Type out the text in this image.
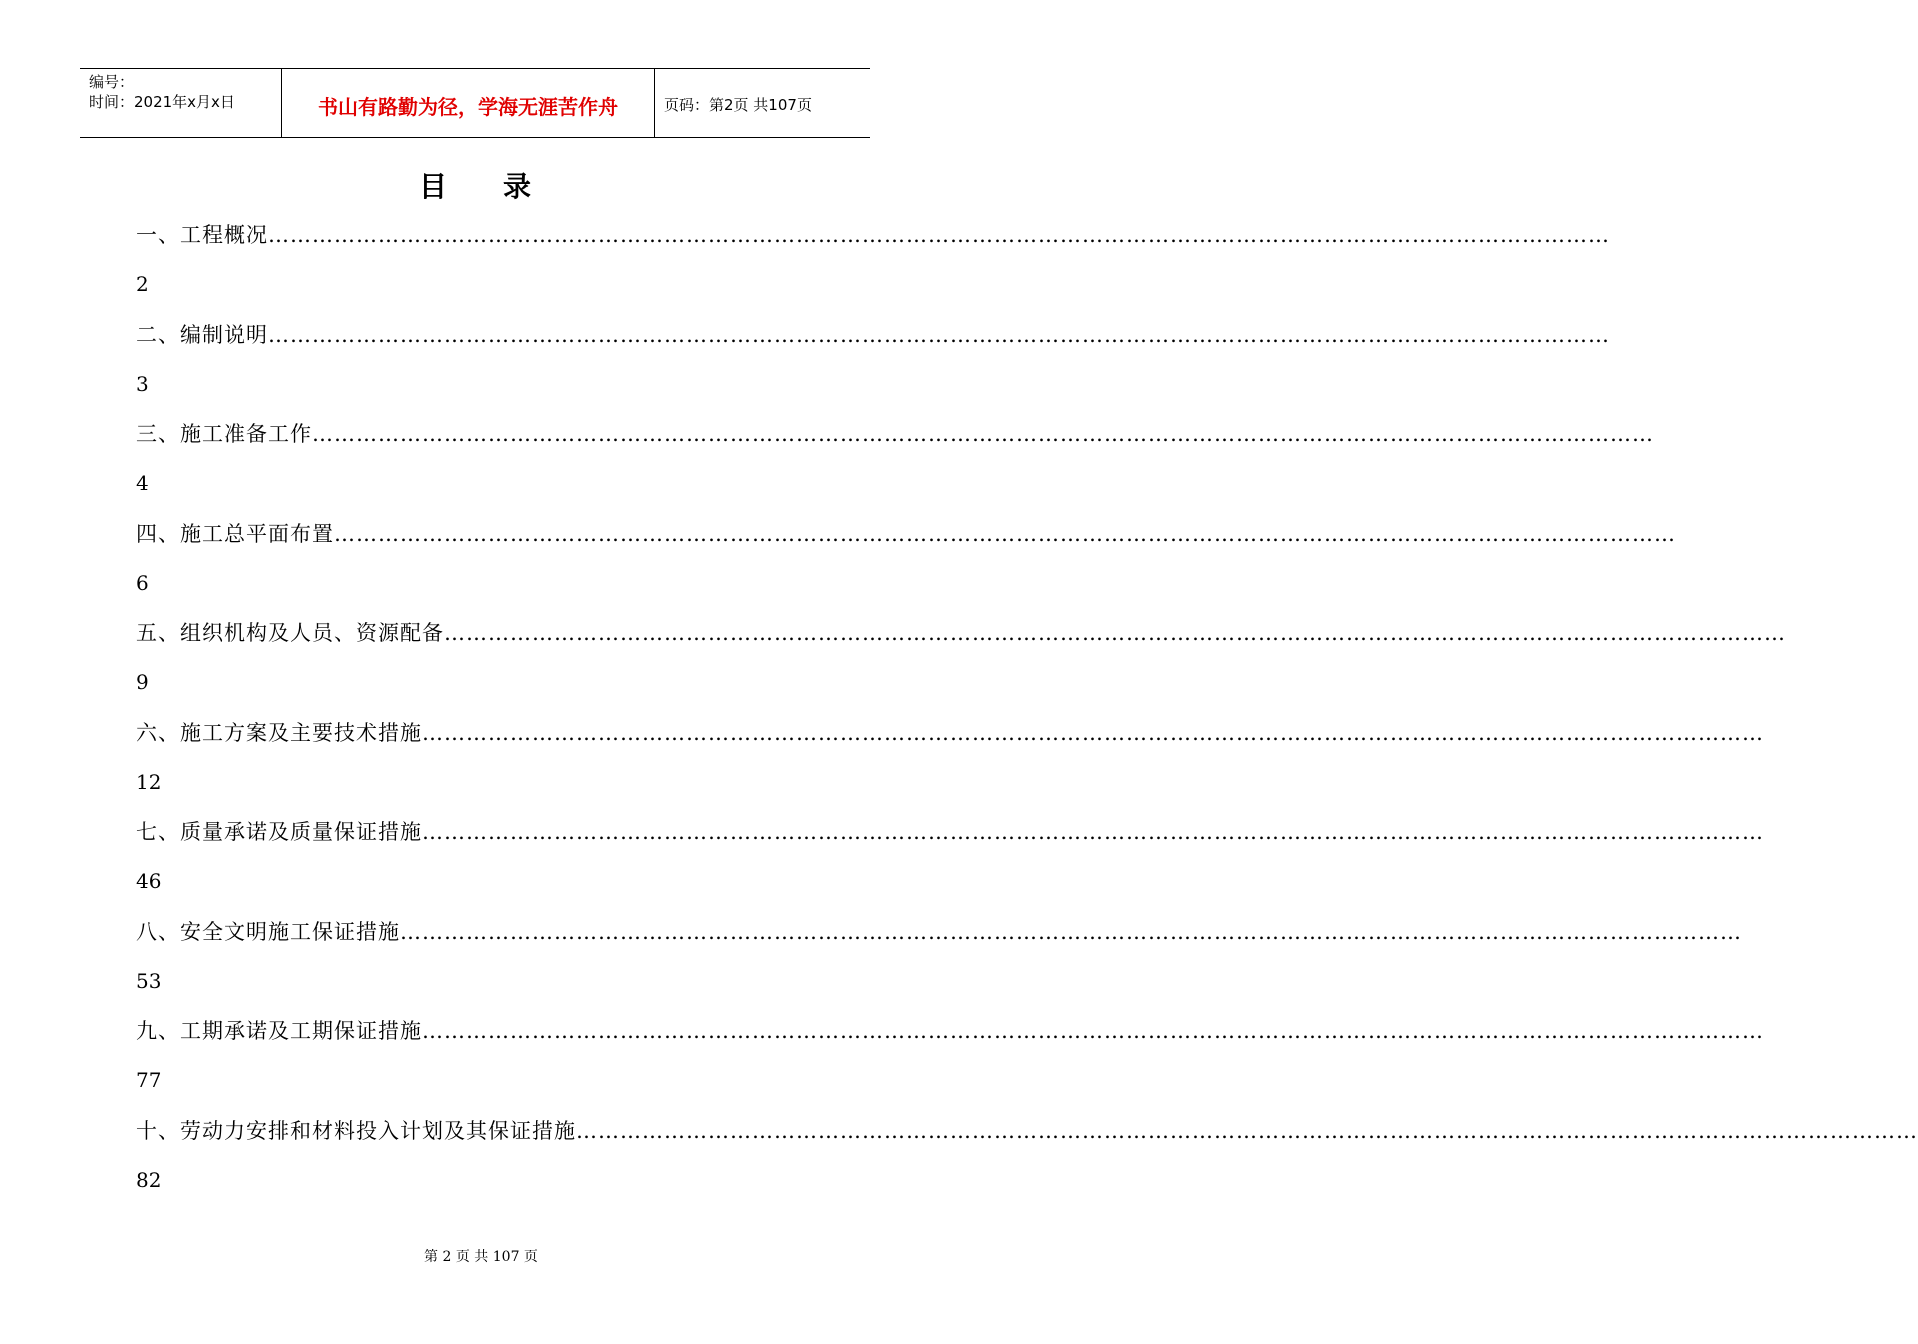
编号：
时间：2021年x月x日	书山有路勤为径，学海无涯苦作舟	页码：第2页 共107页
目录
一、工程概况…………………………………………………………………………………………………………………………………………………………………
2
二、编制说明…………………………………………………………………………………………………………………………………………………………………
3
三、施工准备工作…………………………………………………………………………………………………………………………………………………………………
4
四、施工总平面布置…………………………………………………………………………………………………………………………………………………………………
6
五、组织机构及人员、资源配备…………………………………………………………………………………………………………………………………………………………………
9
六、施工方案及主要技术措施…………………………………………………………………………………………………………………………………………………………………
12
七、质量承诺及质量保证措施…………………………………………………………………………………………………………………………………………………………………
46
八、安全文明施工保证措施…………………………………………………………………………………………………………………………………………………………………
53
九、工期承诺及工期保证措施…………………………………………………………………………………………………………………………………………………………………
77
十、劳动力安排和材料投入计划及其保证措施…………………………………………………………………………………………………………………………………………………………………
82
第 2 页 共 107 页
